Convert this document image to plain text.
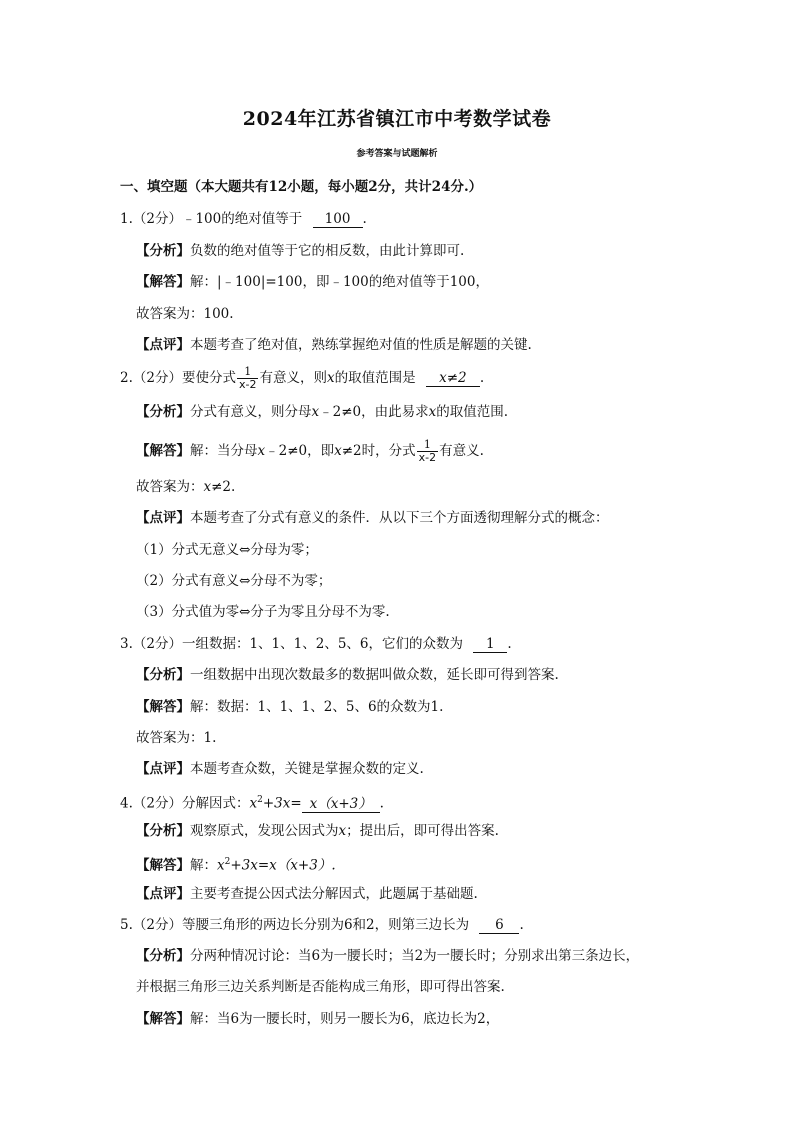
2024年江苏省镇江市中考数学试卷
参考答案与试题解析
一、填空题（本大题共有12小题，每小题2分，共计24分.）
1.（2分）﹣100的绝对值等于 100 .
【分析】负数的绝对值等于它的相反数，由此计算即可.
【解答】解：|﹣100|=100，即﹣100的绝对值等于100，
故答案为：100.
【点评】本题考查了绝对值，熟练掌握绝对值的性质是解题的关键.
2.（2分）要使分式 $\frac{1}{x-2}$ 有意义，则x的取值范围是 x≠2 .
【分析】分式有意义，则分母x﹣2≠0，由此易求x的取值范围.
【解答】解：当分母x﹣2≠0，即x≠2时，分式 $\frac{1}{x-2}$ 有意义.
故答案为：x≠2.
【点评】本题考查了分式有意义的条件．从以下三个方面透彻理解分式的概念：
（1）分式无意义⇔分母为零；
（2）分式有意义⇔分母不为零；
（3）分式值为零⇔分子为零且分母不为零.
3.（2分）一组数据：1、1、1、2、5、6，它们的众数为 1 .
【分析】一组数据中出现次数最多的数据叫做众数，延长即可得到答案.
【解答】解：数据：1、1、1、2、5、6的众数为1.
故答案为：1.
【点评】本题考查众数，关键是掌握众数的定义.
4.（2分）分解因式：$x^2+3x= x(x+3)$ .
【分析】观察原式，发现公因式为x；提出后，即可得出答案.
【解答】解：$x^2+3x=x(x+3)$.
【点评】主要考查提公因式法分解因式，此题属于基础题.
5.（2分）等腰三角形的两边长分别为6和2，则第三边长为 6 .
【分析】分两种情况讨论：当6为一腰长时；当2为一腰长时；分别求出第三条边长，
并根据三角形三边关系判断是否能构成三角形，即可得出答案.
【解答】解：当6为一腰长时，则另一腰长为6，底边长为2，
